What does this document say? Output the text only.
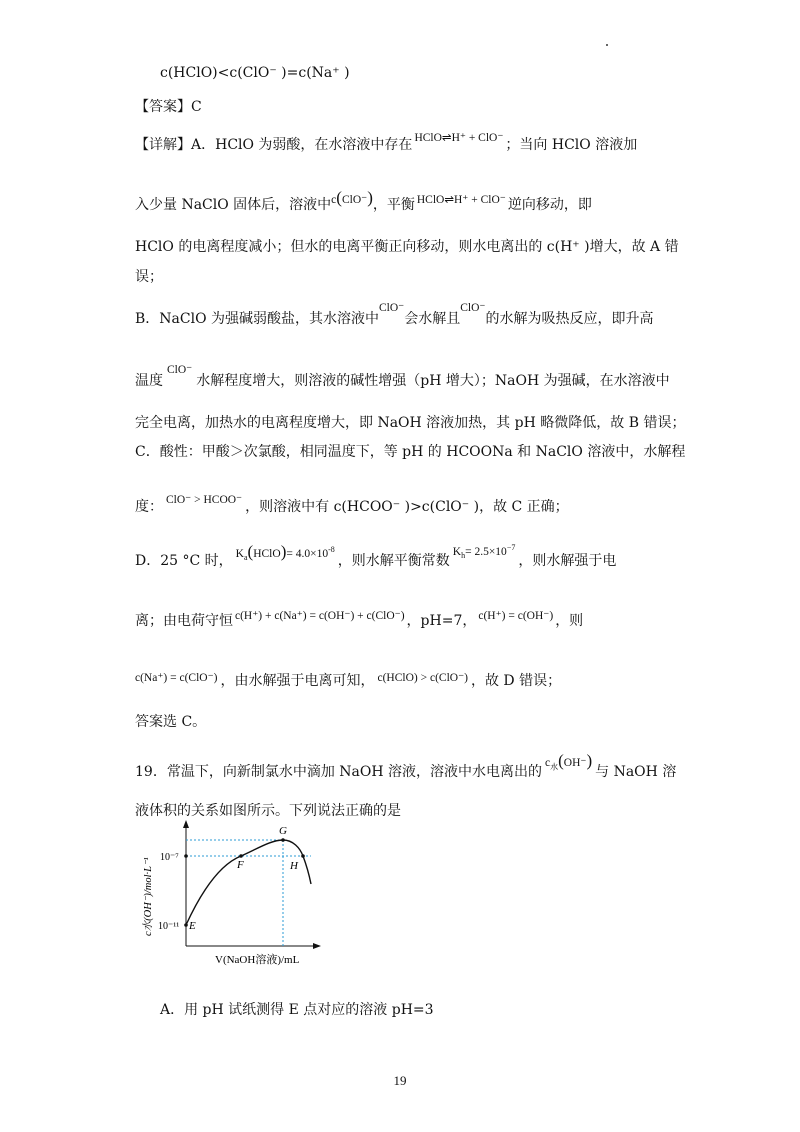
c(HClO)<c(ClO⁻ )=c(Na⁺ )
【答案】C
【详解】A．HClO 为弱酸，在水溶液中存在 HClO⇌H⁺ + ClO⁻ ；当向 HClO 溶液加
入少量 NaClO 固体后，溶液中c(ClO⁻)，平衡 HClO⇌H⁺ + ClO⁻ 逆向移动，即
HClO 的电离程度减小；但水的电离平衡正向移动，则水电离出的 c(H⁺ )增大，故 A 错
误；
B．NaClO 为强碱弱酸盐，其水溶液中ClO⁻会水解且ClO⁻的水解为吸热反应，即升高
温度ClO⁻水解程度增大，则溶液的碱性增强（pH 增大）；NaOH 为强碱，在水溶液中
完全电离，加热水的电离程度增大，即 NaOH 溶液加热，其 pH 略微降低，故 B 错误；
C．酸性：甲酸＞次氯酸，相同温度下，等 pH 的 HCOONa 和 NaClO 溶液中，水解程
度： ClO⁻ > HCOO⁻ ，则溶液中有 c(HCOO⁻ )>c(ClO⁻ )，故 C 正确；
D．25 °C 时， $K_a(HClO)= 4.0\times 10^{-8}$，则水解平衡常数$K_h= 2.5\times 10^{-7}$，则水解强于电
离；由电荷守恒 c(H⁺) + c(Na⁺) = c(OH⁻) + c(ClO⁻) ，pH=7， c(H⁺) = c(OH⁻) ，则
c(Na⁺) = c(ClO⁻) ，由水解强于电离可知， c(HClO) > c(ClO⁻) ，故 D 错误；
答案选 C。
19．常温下，向新制氯水中滴加 NaOH 溶液，溶液中水电离出的$c_水(OH^-)$与 NaOH 溶
液体积的关系如图所示。下列说法正确的是
E
F
G
H
10⁻⁷
10⁻¹¹
c水(OH⁻)/mol·L⁻¹
V(NaOH溶液)/mL
A．用 pH 试纸测得 E 点对应的溶液 pH=3
19
